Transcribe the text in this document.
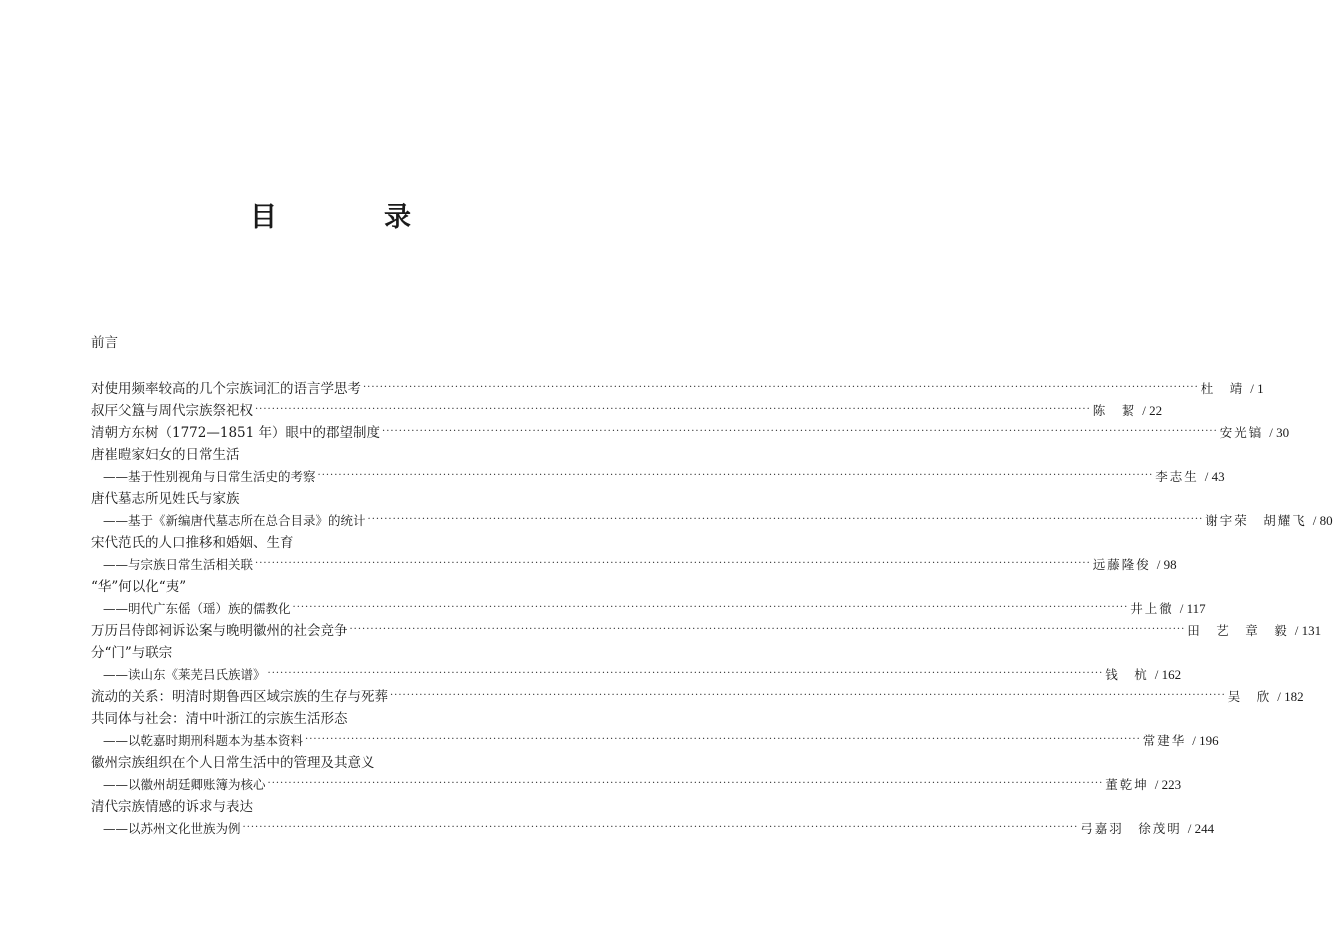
目　录
前言
对使用频率较高的几个宗族词汇的语言学思考 ········································································································································································································ 杜　靖 / 1
叔厈父簋与周代宗族祭祀权 ········································································································································································································ 陈　絜 / 22
清朝方东树（1772—1851 年）眼中的郡望制度 ········································································································································································································ 安光镐 / 30
唐崔暟家妇女的日常生活
——基于性别视角与日常生活史的考察 ········································································································································································································ 李志生 / 43
唐代墓志所见姓氏与家族
——基于《新编唐代墓志所在总合目录》的统计 ········································································································································································································ 谢宇荣　胡耀飞 / 80
宋代范氏的人口推移和婚姻、生育
——与宗族日常生活相关联 ········································································································································································································ 远藤隆俊 / 98
“华”何以化“夷”
——明代广东傜（瑶）族的儒教化 ········································································································································································································ 井上徹 / 117
万历吕侍郎祠诉讼案与晚明徽州的社会竞争 ········································································································································································································ 田　艺　章　毅 / 131
分“门”与联宗
——读山东《莱芜吕氏族谱》 ········································································································································································································ 钱　杭 / 162
流动的关系：明清时期鲁西区域宗族的生存与死葬 ········································································································································································································ 吴　欣 / 182
共同体与社会：清中叶浙江的宗族生活形态
——以乾嘉时期刑科题本为基本资料 ········································································································································································································ 常建华 / 196
徽州宗族组织在个人日常生活中的管理及其意义
——以徽州胡廷卿账簿为核心 ········································································································································································································ 董乾坤 / 223
清代宗族情感的诉求与表达
——以苏州文化世族为例 ········································································································································································································ 弓嘉羽　徐茂明 / 244
